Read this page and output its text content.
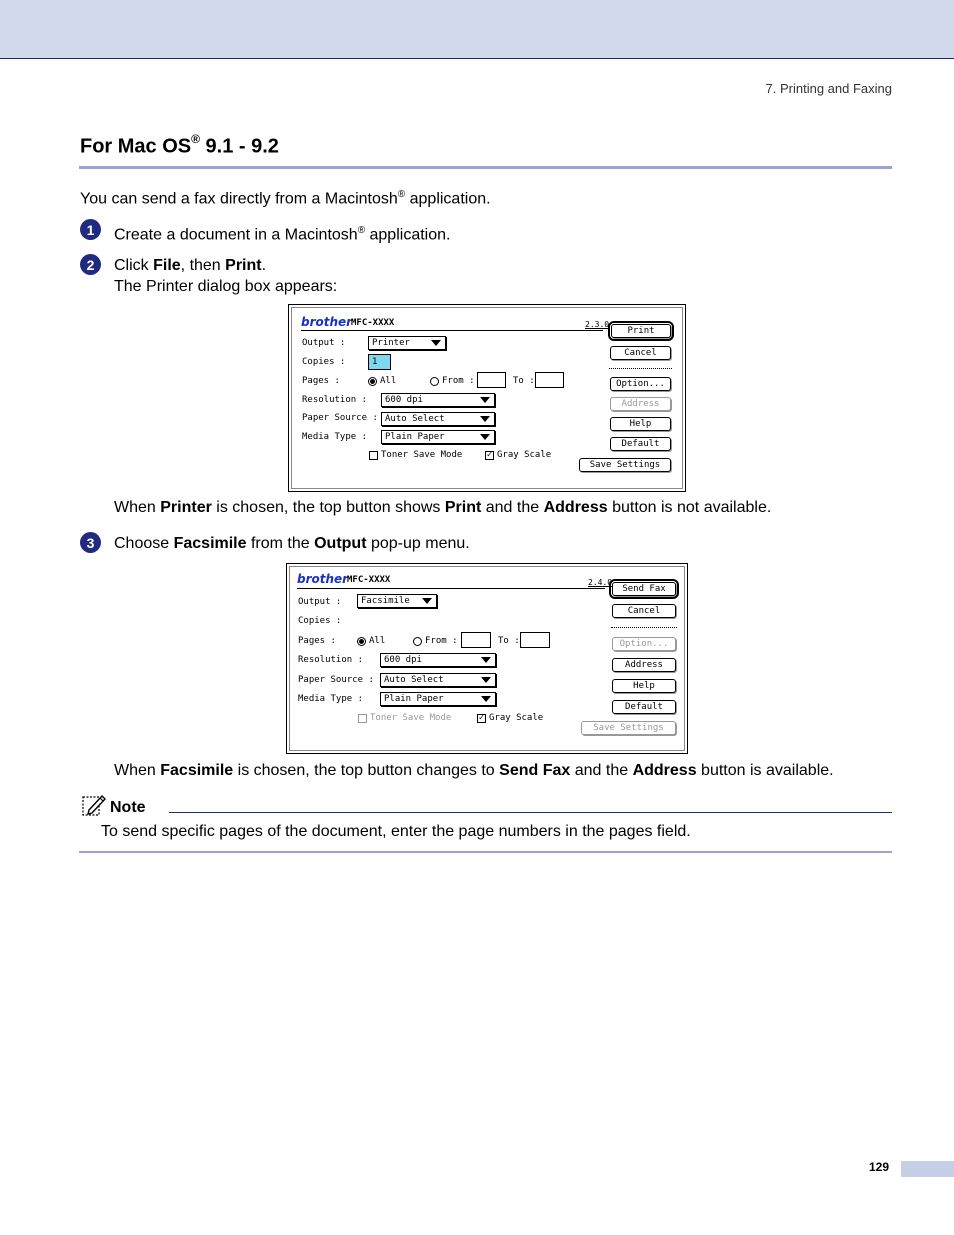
7. Printing and Faxing
For Mac OS® 9.1 - 9.2
You can send a fax directly from a Macintosh® application.
1	Create a document in a Macintosh® application.
2	Click File, then Print.
The Printer dialog box appears:
brother
MFC-XXXX	2.3.0
Output :	Printer
Copies :	1
Pages :	All	From :	To :
Resolution :	600 dpi
Paper Source : Auto Select
Media Type :	Plain Paper
Toner Save Mode	✓ Gray Scale
Print
Cancel
Option...
Address
Help
Default
Save Settings
When Printer is chosen, the top button shows Print and the Address button is not available.
3	Choose Facsimile from the Output pop-up menu.
brother
MFC-XXXX	2.4.0
Output :	Facsimile
Copies :
Pages :	All	From :	To :
Resolution :	600 dpi
Paper Source :	Auto Select
Media Type :	Plain Paper
Toner Save Mode	✓ Gray Scale
Send Fax
Cancel
Option...
Address
Help
Default
Save Settings
When Facsimile is chosen, the top button changes to Send Fax and the Address button is available.
Note
To send specific pages of the document, enter the page numbers in the pages field.
129
